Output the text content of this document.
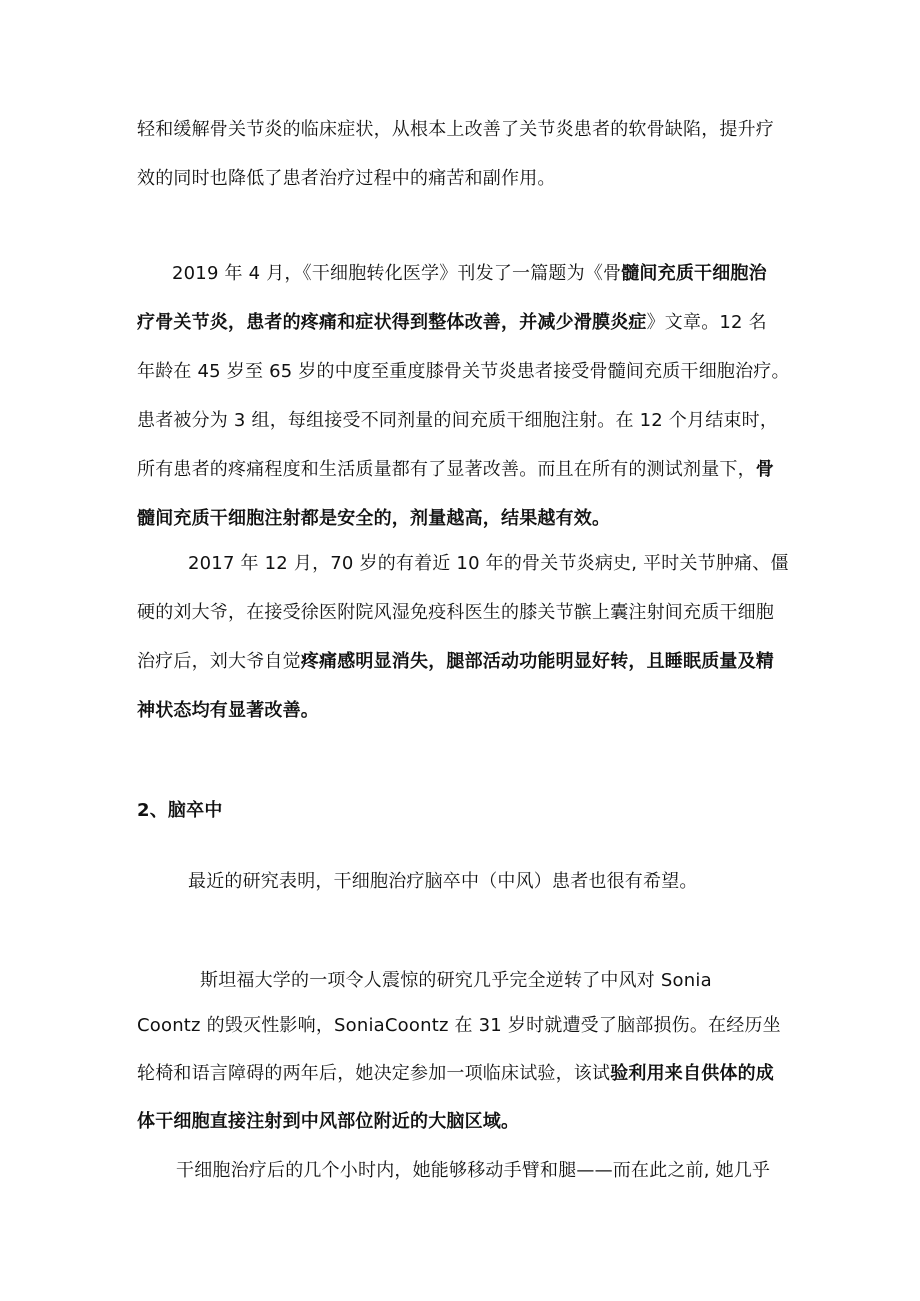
轻和缓解骨关节炎的临床症状，从根本上改善了关节炎患者的软骨缺陷，提升疗
效的同时也降低了患者治疗过程中的痛苦和副作用。
2019 年 4 月，《干细胞转化医学》刊发了一篇题为《骨髓间充质干细胞治
疗骨关节炎，患者的疼痛和症状得到整体改善，并减少滑膜炎症》文章。12 名
年龄在 45 岁至 65 岁的中度至重度膝骨关节炎患者接受骨髓间充质干细胞治疗。
患者被分为 3 组，每组接受不同剂量的间充质干细胞注射。在 12 个月结束时，
所有患者的疼痛程度和生活质量都有了显著改善。而且在所有的测试剂量下，骨
髓间充质干细胞注射都是安全的，剂量越高，结果越有效。
2017 年 12 月，70 岁的有着近 10 年的骨关节炎病史, 平时关节肿痛、僵
硬的刘大爷，在接受徐医附院风湿免疫科医生的膝关节髌上囊注射间充质干细胞
治疗后，刘大爷自觉疼痛感明显消失，腿部活动功能明显好转，且睡眠质量及精
神状态均有显著改善。
2、脑卒中
最近的研究表明，干细胞治疗脑卒中（中风）患者也很有希望。
斯坦福大学的一项令人震惊的研究几乎完全逆转了中风对 Sonia
Coontz 的毁灭性影响，SoniaCoontz 在 31 岁时就遭受了脑部损伤。在经历坐
轮椅和语言障碍的两年后，她决定参加一项临床试验，该试验利用来自供体的成
体干细胞直接注射到中风部位附近的大脑区域。
干细胞治疗后的几个小时内，她能够移动手臂和腿——而在此之前, 她几乎
